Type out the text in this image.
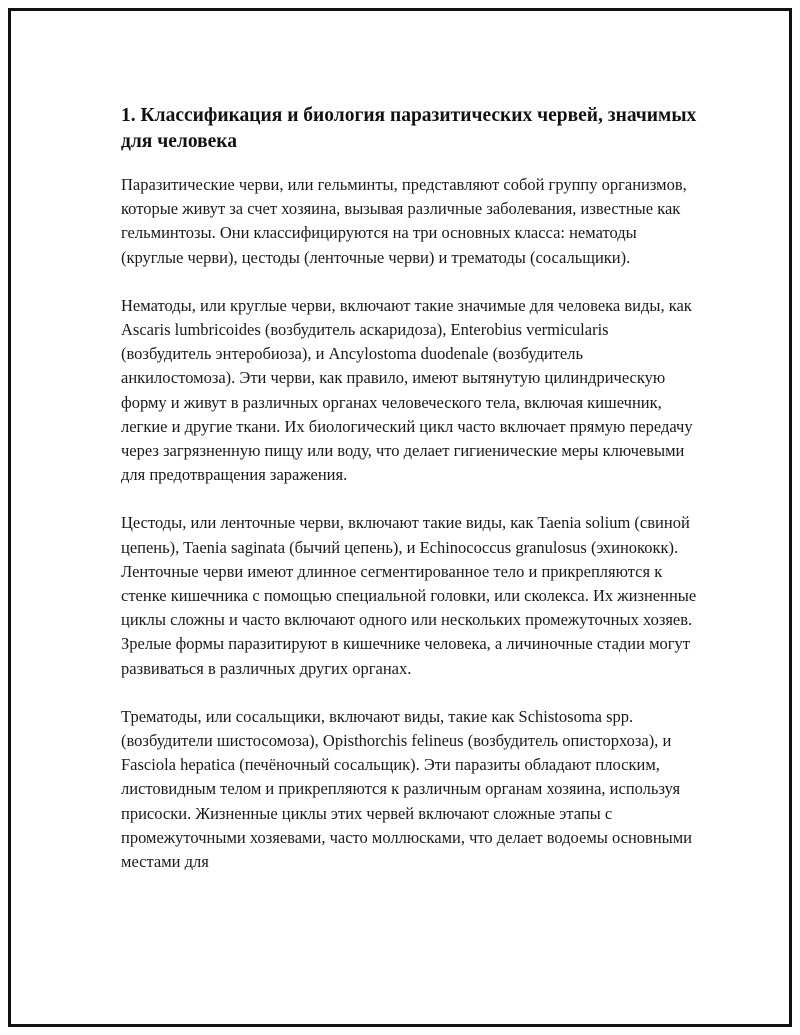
1. Классификация и биология паразитических червей, значимых для человека

Паразитические черви, или гельминты, представляют собой группу организмов, которые живут за счет хозяина, вызывая различные заболевания, известные как гельминтозы. Они классифицируются на три основных класса: нематоды (круглые черви), цестоды (ленточные черви) и трематоды (сосальщики).

Нематоды, или круглые черви, включают такие значимые для человека виды, как Ascaris lumbricoides (возбудитель аскаридоза), Enterobius vermicularis (возбудитель энтеробиоза), и Ancylostoma duodenale (возбудитель анкилостомоза). Эти черви, как правило, имеют вытянутую цилиндрическую форму и живут в различных органах человеческого тела, включая кишечник, легкие и другие ткани. Их биологический цикл часто включает прямую передачу через загрязненную пищу или воду, что делает гигиенические меры ключевыми для предотвращения заражения.

Цестоды, или ленточные черви, включают такие виды, как Taenia solium (свиной цепень), Taenia saginata (бычий цепень), и Echinococcus granulosus (эхинококк). Ленточные черви имеют длинное сегментированное тело и прикрепляются к стенке кишечника с помощью специальной головки, или сколекса. Их жизненные циклы сложны и часто включают одного или нескольких промежуточных хозяев. Зрелые формы паразитируют в кишечнике человека, а личиночные стадии могут развиваться в различных других органах.

Трематоды, или сосальщики, включают виды, такие как Schistosoma spp. (возбудители шистосомоза), Opisthorchis felineus (возбудитель описторхоза), и Fasciola hepatica (печёночный сосальщик). Эти паразиты обладают плоским, листовидным телом и прикрепляются к различным органам хозяина, используя присоски. Жизненные циклы этих червей включают сложные этапы с промежуточными хозяевами, часто моллюсками, что делает водоемы основными местами для
